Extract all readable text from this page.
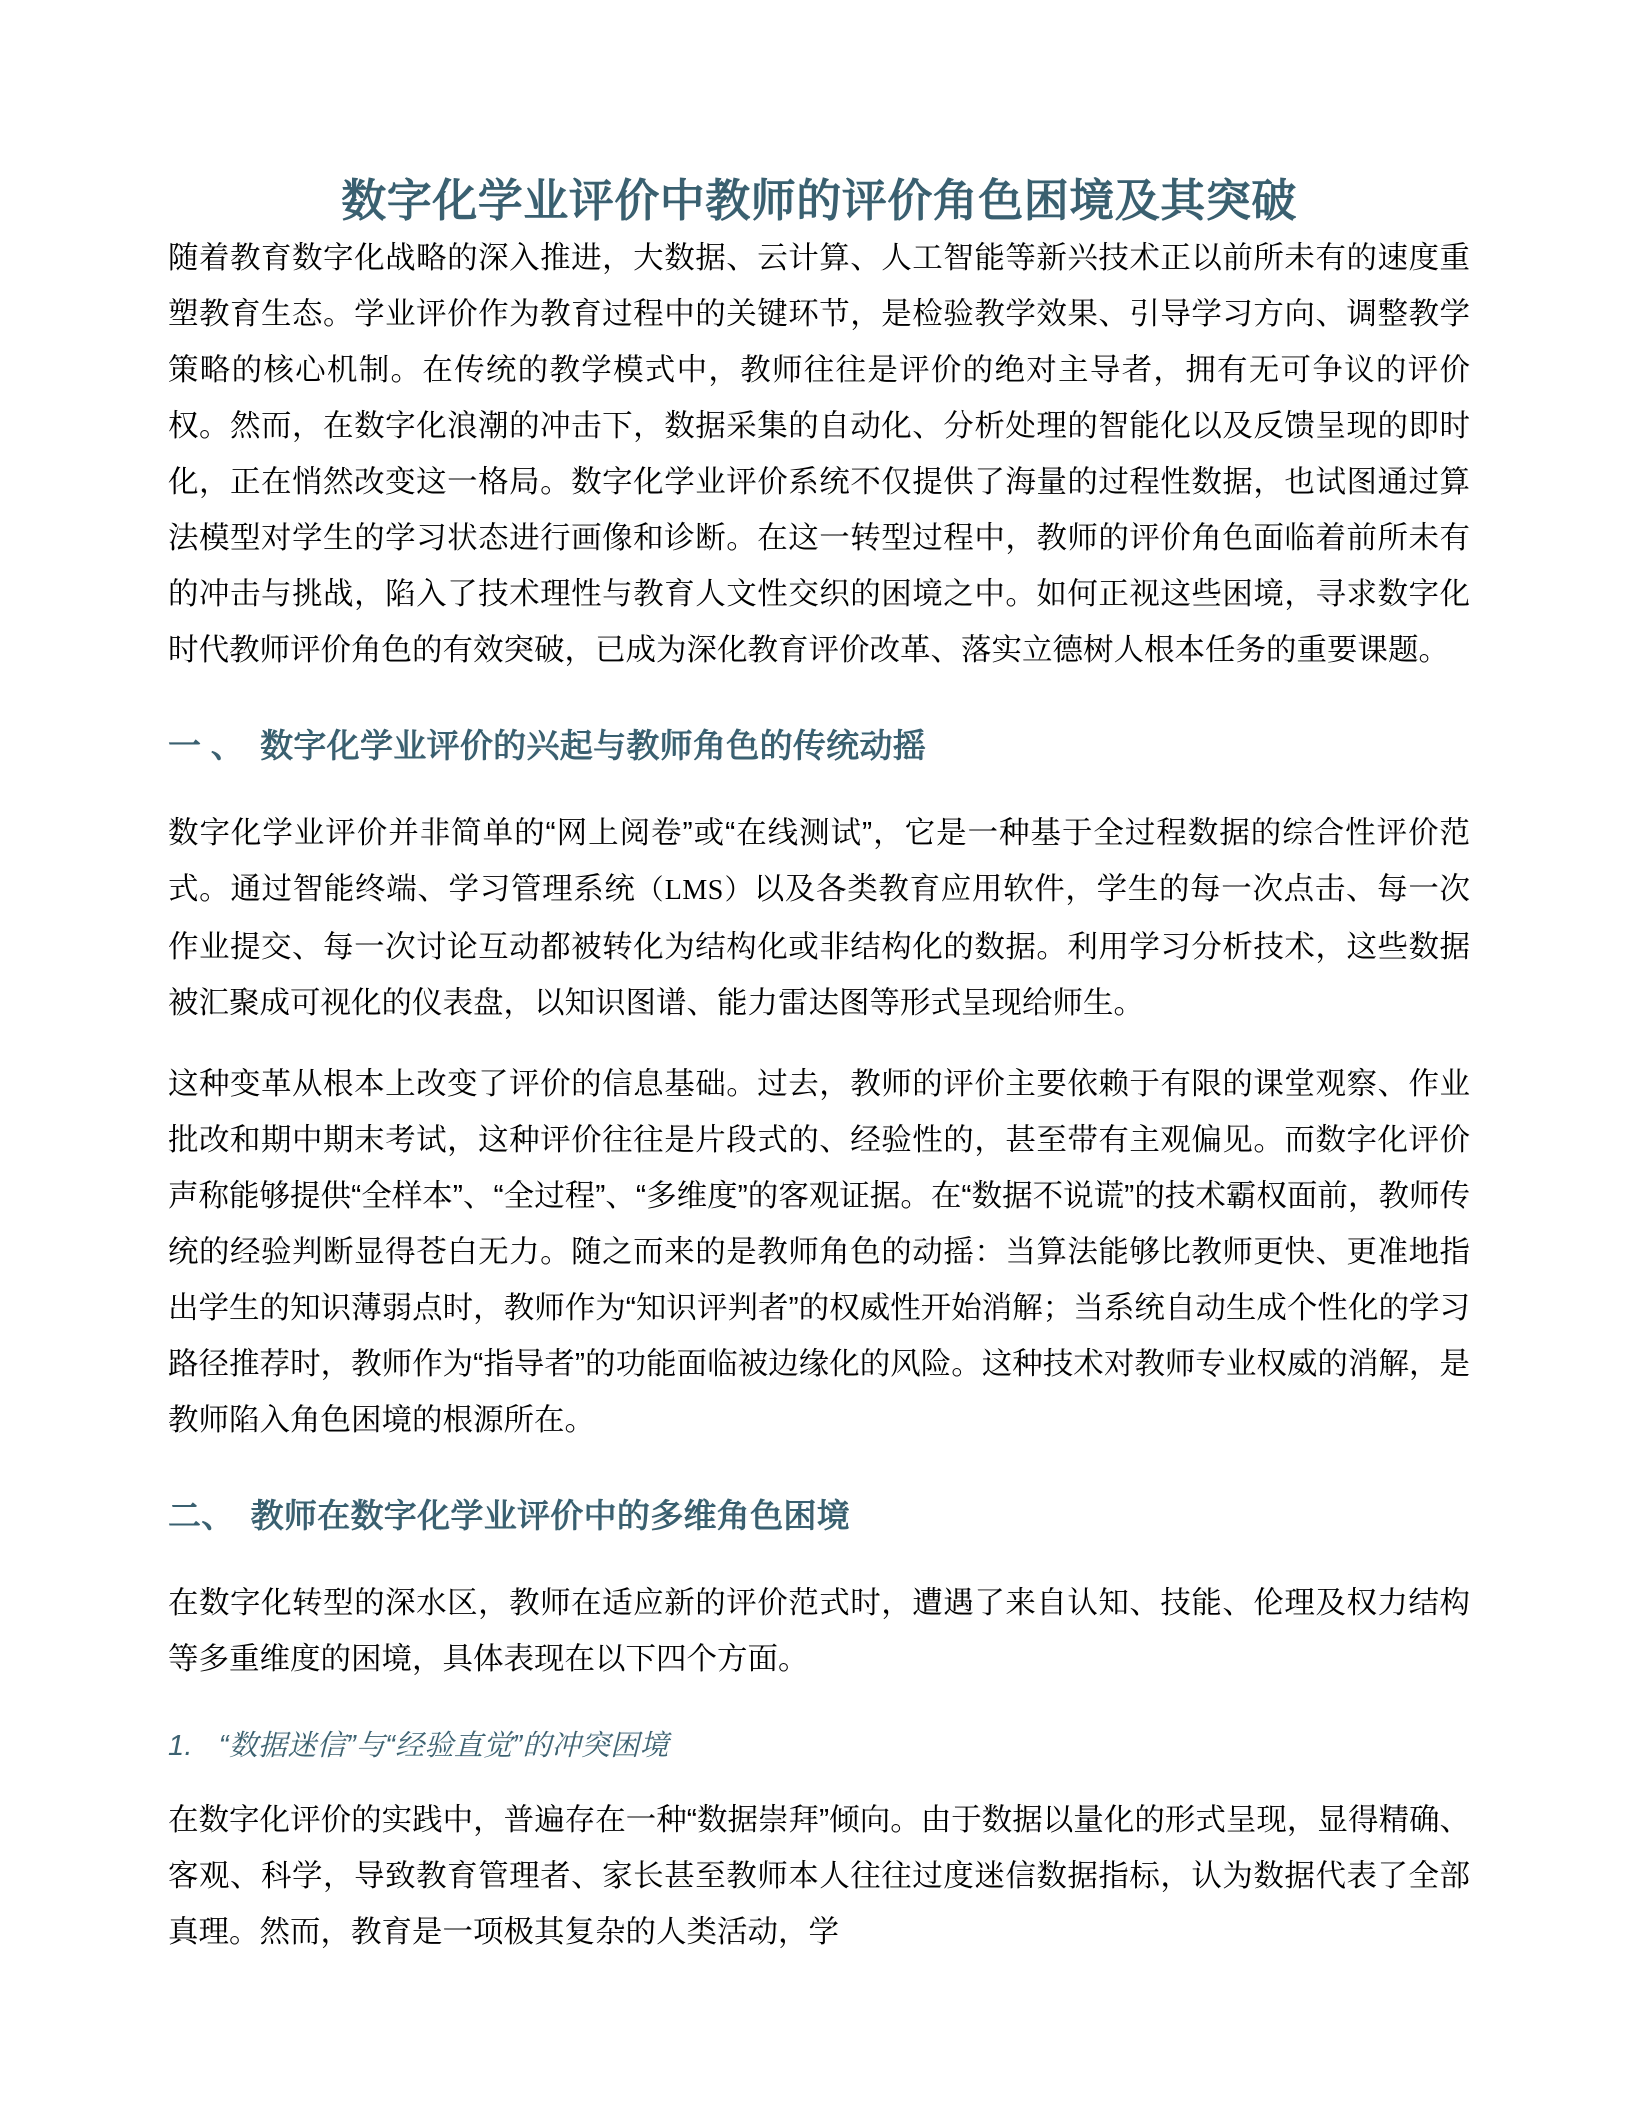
数字化学业评价中教师的评价角色困境及其突破

随着教育数字化战略的深入推进，大数据、云计算、人工智能等新兴技术正以前所未有的速度重塑教育生态。学业评价作为教育过程中的关键环节，是检验教学效果、引导学习方向、调整教学策略的核心机制。在传统的教学模式中，教师往往是评价的绝对主导者，拥有无可争议的评价权。然而，在数字化浪潮的冲击下，数据采集的自动化、分析处理的智能化以及反馈呈现的即时化，正在悄然改变这一格局。数字化学业评价系统不仅提供了海量的过程性数据，也试图通过算法模型对学生的学习状态进行画像和诊断。在这一转型过程中，教师的评价角色面临着前所未有的冲击与挑战，陷入了技术理性与教育人文性交织的困境之中。如何正视这些困境，寻求数字化时代教师评价角色的有效突破，已成为深化教育评价改革、落实立德树人根本任务的重要课题。

一 、 数字化学业评价的兴起与教师角色的传统动摇

数字化学业评价并非简单的“网上阅卷”或“在线测试”，它是一种基于全过程数据的综合性评价范式。通过智能终端、学习管理系统（LMS）以及各类教育应用软件，学生的每一次点击、每一次作业提交、每一次讨论互动都被转化为结构化或非结构化的数据。利用学习分析技术，这些数据被汇聚成可视化的仪表盘，以知识图谱、能力雷达图等形式呈现给师生。

这种变革从根本上改变了评价的信息基础。过去，教师的评价主要依赖于有限的课堂观察、作业批改和期中期末考试，这种评价往往是片段式的、经验性的，甚至带有主观偏见。而数字化评价声称能够提供“全样本”、“全过程”、“多维度”的客观证据。在“数据不说谎”的技术霸权面前，教师传统的经验判断显得苍白无力。随之而来的是教师角色的动摇：当算法能够比教师更快、更准地指出学生的知识薄弱点时，教师作为“知识评判者”的权威性开始消解；当系统自动生成个性化的学习路径推荐时，教师作为“指导者”的功能面临被边缘化的风险。这种技术对教师专业权威的消解，是教师陷入角色困境的根源所在。

二、 教师在数字化学业评价中的多维角色困境

在数字化转型的深水区，教师在适应新的评价范式时，遭遇了来自认知、技能、伦理及权力结构等多重维度的困境，具体表现在以下四个方面。

1. “数据迷信”与“经验直觉”的冲突困境

在数字化评价的实践中，普遍存在一种“数据崇拜”倾向。由于数据以量化的形式呈现，显得精确、客观、科学，导致教育管理者、家长甚至教师本人往往过度迷信数据指标，认为数据代表了全部真理。然而，教育是一项极其复杂的人类活动，学
